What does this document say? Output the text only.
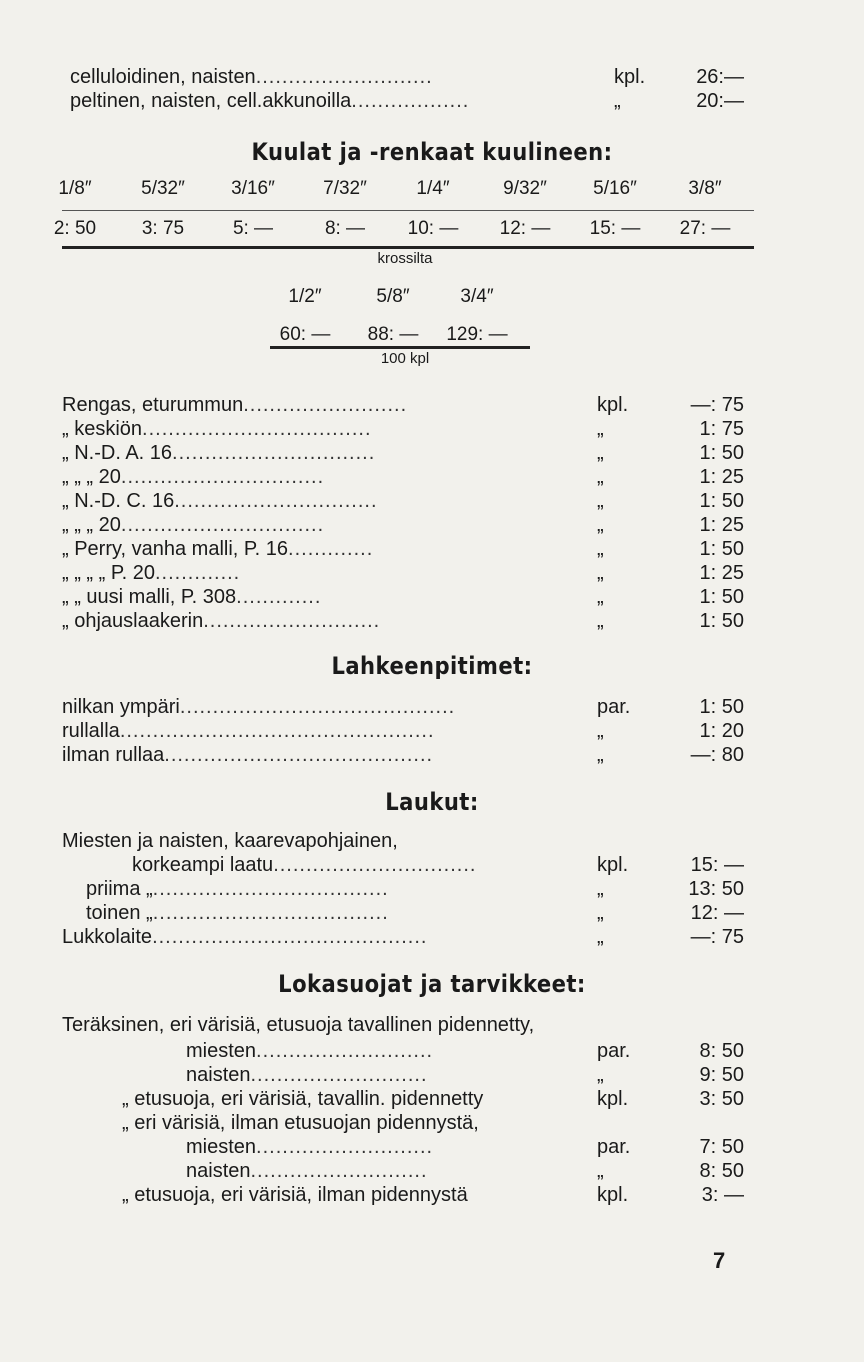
celluloidinen, naisten...........................	kpl.	26:—
peltinen, naisten, cell.akkunoilla..................	„	20:—
Kuulat ja -renkaat kuulineen:
1/8″	5/32″	3/16″	7/32″	1/4″	9/32″	5/16″	3/8″
2: 50	3: 75	5: —	8: —	10: —	12: —	15: —	27: —
krossilta
1/2″	5/8″	3/4″
60: —	88: —	129: —
100 kpl
Rengas, eturummun.........................	kpl.	—: 75
„ keskiön...................................	„	1: 75
„ N.-D. A. 16...............................	„	1: 50
„ „ „ 20...............................	„	1: 25
„ N.-D. C. 16...............................	„	1: 50
„ „ „ 20...............................	„	1: 25
„ Perry, vanha malli, P. 16.............	„	1: 50
„ „ „ „ P. 20.............	„	1: 25
„ „ uusi malli, P. 308.............	„	1: 50
„ ohjauslaakerin...........................	„	1: 50
Lahkeenpitimet:
nilkan ympäri..........................................	par.	1: 50
rullalla................................................	„	1: 20
ilman rullaa.........................................	„	—: 80
Laukut:
Miesten ja naisten, kaarevapohjainen,
korkeampi laatu...............................	kpl.	15: —
priima „....................................	„	13: 50
toinen „....................................	„	12: —
Lukkolaite..........................................	„	—: 75
Lokasuojat ja tarvikkeet:
Teräksinen, eri värisiä, etusuoja tavallinen pidennetty,
miesten...........................	par.	8: 50
naisten...........................	„	9: 50
„ etusuoja, eri värisiä, tavallin. pidennetty	kpl.	3: 50
„ eri värisiä, ilman etusuojan pidennystä,
miesten...........................	par.	7: 50
naisten...........................	„	8: 50
„ etusuoja, eri värisiä, ilman pidennystä	kpl.	3: —
7
